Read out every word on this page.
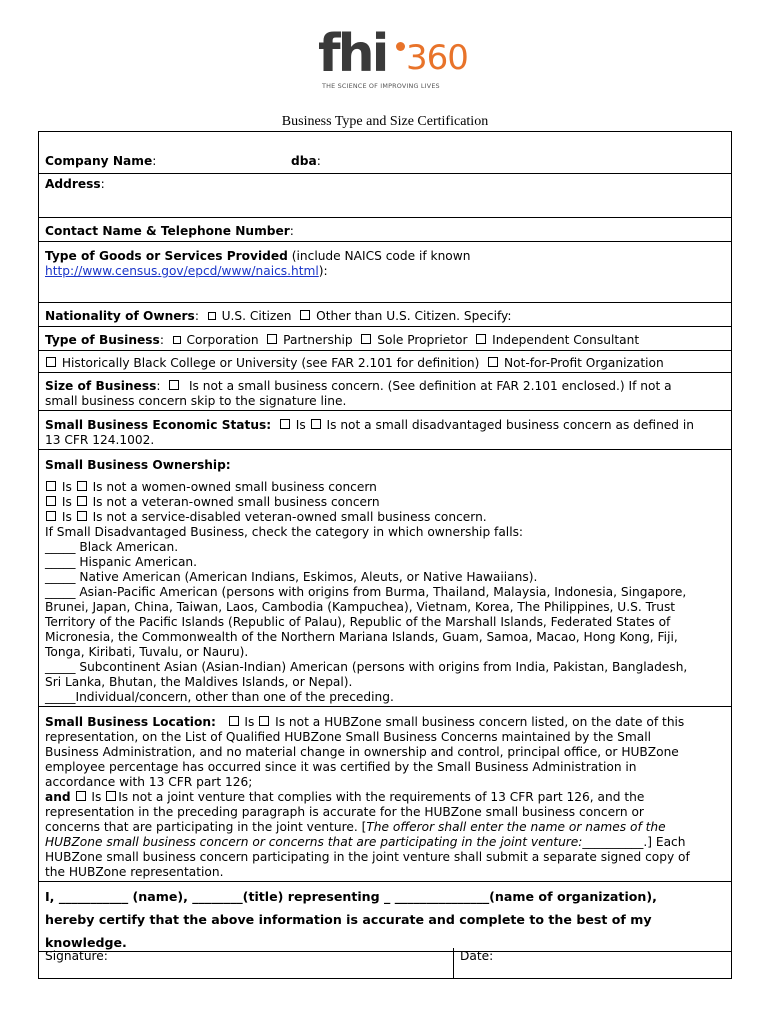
fhi 360
THE SCIENCE OF IMPROVING LIVES
Business Type and Size Certification
Company Name:	dba:
Address:
Contact Name & Telephone Number:
Type of Goods or Services Provided (include NAICS code if known
http://www.census.gov/epcd/www/naics.html):
Nationality of Owners:   U.S. Citizen Other than U.S. Citizen. Specify:
Type of Business:   Corporation Partnership Sole Proprietor Independent Consultant
Historically Black College or University (see FAR 2.101 for definition) Not-for-Profit Organization
Size of Business:    Is not a small business concern. (See definition at FAR 2.101 enclosed.) If not a
small business concern skip to the signature line.
Small Business Economic Status: Is Is not a small disadvantaged business concern as defined in
13 CFR 124.1002.
Small Business Ownership:
Is Is not a women-owned small business concern
Is Is not a veteran-owned small business concern
Is Is not a service-disabled veteran-owned small business concern.
If Small Disadvantaged Business, check the category in which ownership falls:
_____ Black American.
_____ Hispanic American.
_____ Native American (American Indians, Eskimos, Aleuts, or Native Hawaiians).
_____ Asian-Pacific American (persons with origins from Burma, Thailand, Malaysia, Indonesia, Singapore,
Brunei, Japan, China, Taiwan, Laos, Cambodia (Kampuchea), Vietnam, Korea, The Philippines, U.S. Trust
Territory of the Pacific Islands (Republic of Palau), Republic of the Marshall Islands, Federated States of
Micronesia, the Commonwealth of the Northern Mariana Islands, Guam, Samoa, Macao, Hong Kong, Fiji,
Tonga, Kiribati, Tuvalu, or Nauru).
_____ Subcontinent Asian (Asian-Indian) American (persons with origins from India, Pakistan, Bangladesh,
Sri Lanka, Bhutan, the Maldives Islands, or Nepal).
_____Individual/concern, other than one of the preceding.
Small Business Location: Is Is not a HUBZone small business concern listed, on the date of this
representation, on the List of Qualified HUBZone Small Business Concerns maintained by the Small
Business Administration, and no material change in ownership and control, principal office, or HUBZone
employee percentage has occurred since it was certified by the Small Business Administration in
accordance with 13 CFR part 126;
and Is Is not a joint venture that complies with the requirements of 13 CFR part 126, and the
representation in the preceding paragraph is accurate for the HUBZone small business concern or
concerns that are participating in the joint venture. [The offeror shall enter the name or names of the
HUBZone small business concern or concerns that are participating in the joint venture:__________.] Each
HUBZone small business concern participating in the joint venture shall submit a separate signed copy of
the HUBZone representation.
I, ___________ (name), ________(title) representing _ _______________(name of organization),
hereby certify that the above information is accurate and complete to the best of my
knowledge.
Signature:	Date:
